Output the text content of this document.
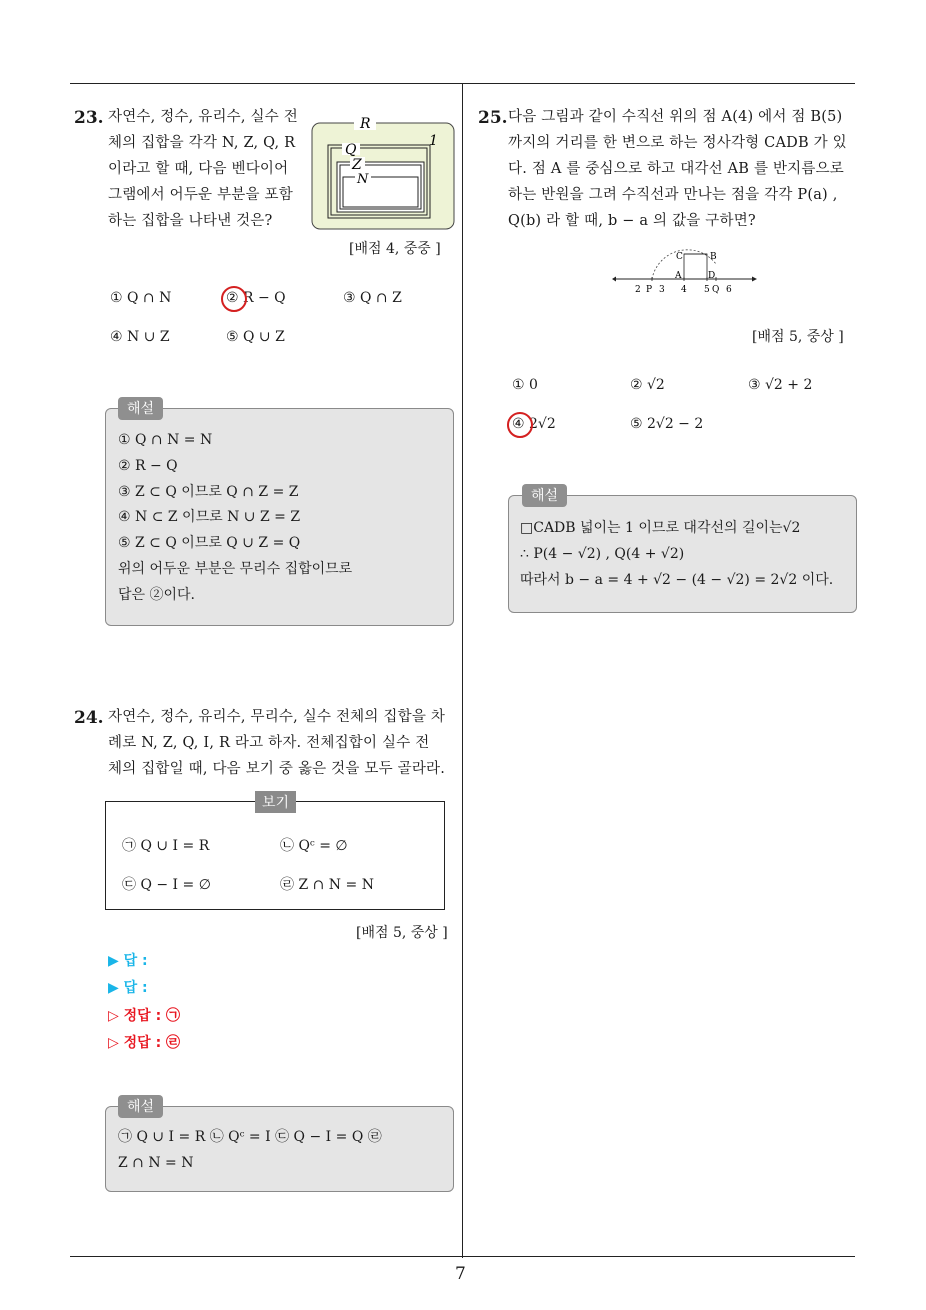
7
23. 자연수, 정수, 유리수, 실수 전
체의 집합을 각각 N, Z, Q, R
이라고 할 때, 다음 벤다이어
그램에서 어두운 부분을 포함
하는 집합을 나타낸 것은?
R
1
Q
Z
N
[배점 4, 중중 ]
① Q ∩ N	② R − Q	③ Q ∩ Z
④ N ∪ Z	⑤ Q ∪ Z
해설
① Q ∩ N = N
② R − Q
③ Z ⊂ Q 이므로 Q ∩ Z = Z
④ N ⊂ Z 이므로 N ∪ Z = Z
⑤ Z ⊂ Q 이므로 Q ∪ Z = Q
위의 어두운 부분은 무리수 집합이므로
답은 ②이다.
24. 자연수, 정수, 유리수, 무리수, 실수 전체의 집합을 차
례로 N, Z, Q, I, R 라고 하자. 전체집합이 실수 전
체의 집합일 때, 다음 보기 중 옳은 것을 모두 골라라.
보기
㉠ Q ∪ I = R	㉡ Qᶜ = ∅
㉢ Q − I = ∅	㉣ Z ∩ N = N
[배점 5, 중상 ]
▶ 답 :
▶ 답 :
▷ 정답 : ㉠
▷ 정답 : ㉣
해설
㉠ Q ∪ I = R ㉡ Qᶜ = I ㉢ Q − I = Q ㉣
Z ∩ N = N
25. 다음 그림과 같이 수직선 위의 점 A(4) 에서 점 B(5)
까지의 거리를 한 변으로 하는 정사각형 CADB 가 있
다. 점 A 를 중심으로 하고 대각선 AB 를 반지름으로
하는 반원을 그려 수직선과 만나는 점을 각각 P(a) ,
Q(b) 라 할 때, b − a 의 값을 구하면?
C	B
A	D
2 P 3 4 5 Q 6
[배점 5, 중상 ]
① 0	② √2	③ √2 + 2
④ 2√2	⑤ 2√2 − 2
해설
□CADB 넓이는 1 이므로 대각선의 길이는√2
∴ P(4 − √2) , Q(4 + √2)
따라서 b − a = 4 + √2 − (4 − √2) = 2√2 이다.
